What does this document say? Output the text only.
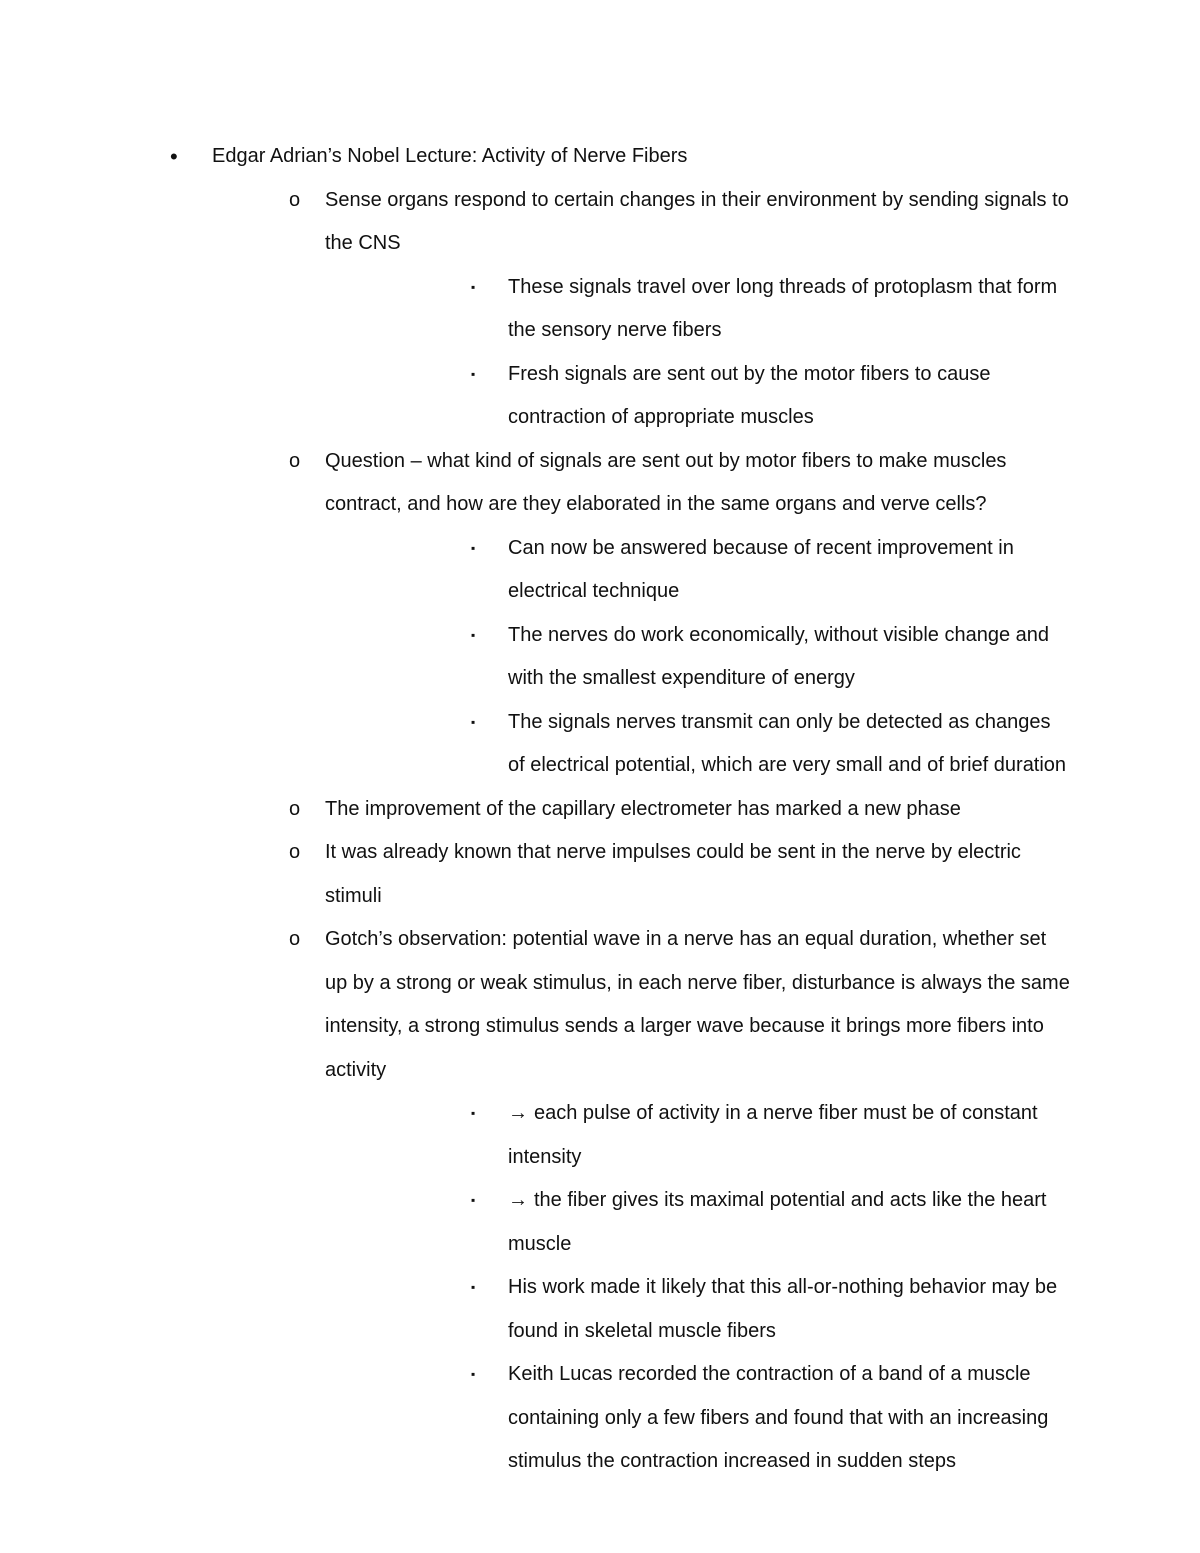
• Edgar Adrian’s Nobel Lecture: Activity of Nerve Fibers
o Sense organs respond to certain changes in their environment by sending signals to the CNS
▪ These signals travel over long threads of protoplasm that form the sensory nerve fibers
▪ Fresh signals are sent out by the motor fibers to cause contraction of appropriate muscles
o Question – what kind of signals are sent out by motor fibers to make muscles contract, and how are they elaborated in the same organs and verve cells?
▪ Can now be answered because of recent improvement in electrical technique
▪ The nerves do work economically, without visible change and with the smallest expenditure of energy
▪ The signals nerves transmit can only be detected as changes of electrical potential, which are very small and of brief duration
o The improvement of the capillary electrometer has marked a new phase
o It was already known that nerve impulses could be sent in the nerve by electric stimuli
o Gotch’s observation: potential wave in a nerve has an equal duration, whether set up by a strong or weak stimulus, in each nerve fiber, disturbance is always the same intensity, a strong stimulus sends a larger wave because it brings more fibers into activity
▪ → each pulse of activity in a nerve fiber must be of constant intensity
▪ → the fiber gives its maximal potential and acts like the heart muscle
▪ His work made it likely that this all-or-nothing behavior may be found in skeletal muscle fibers
▪ Keith Lucas recorded the contraction of a band of a muscle containing only a few fibers and found that with an increasing stimulus the contraction increased in sudden steps
